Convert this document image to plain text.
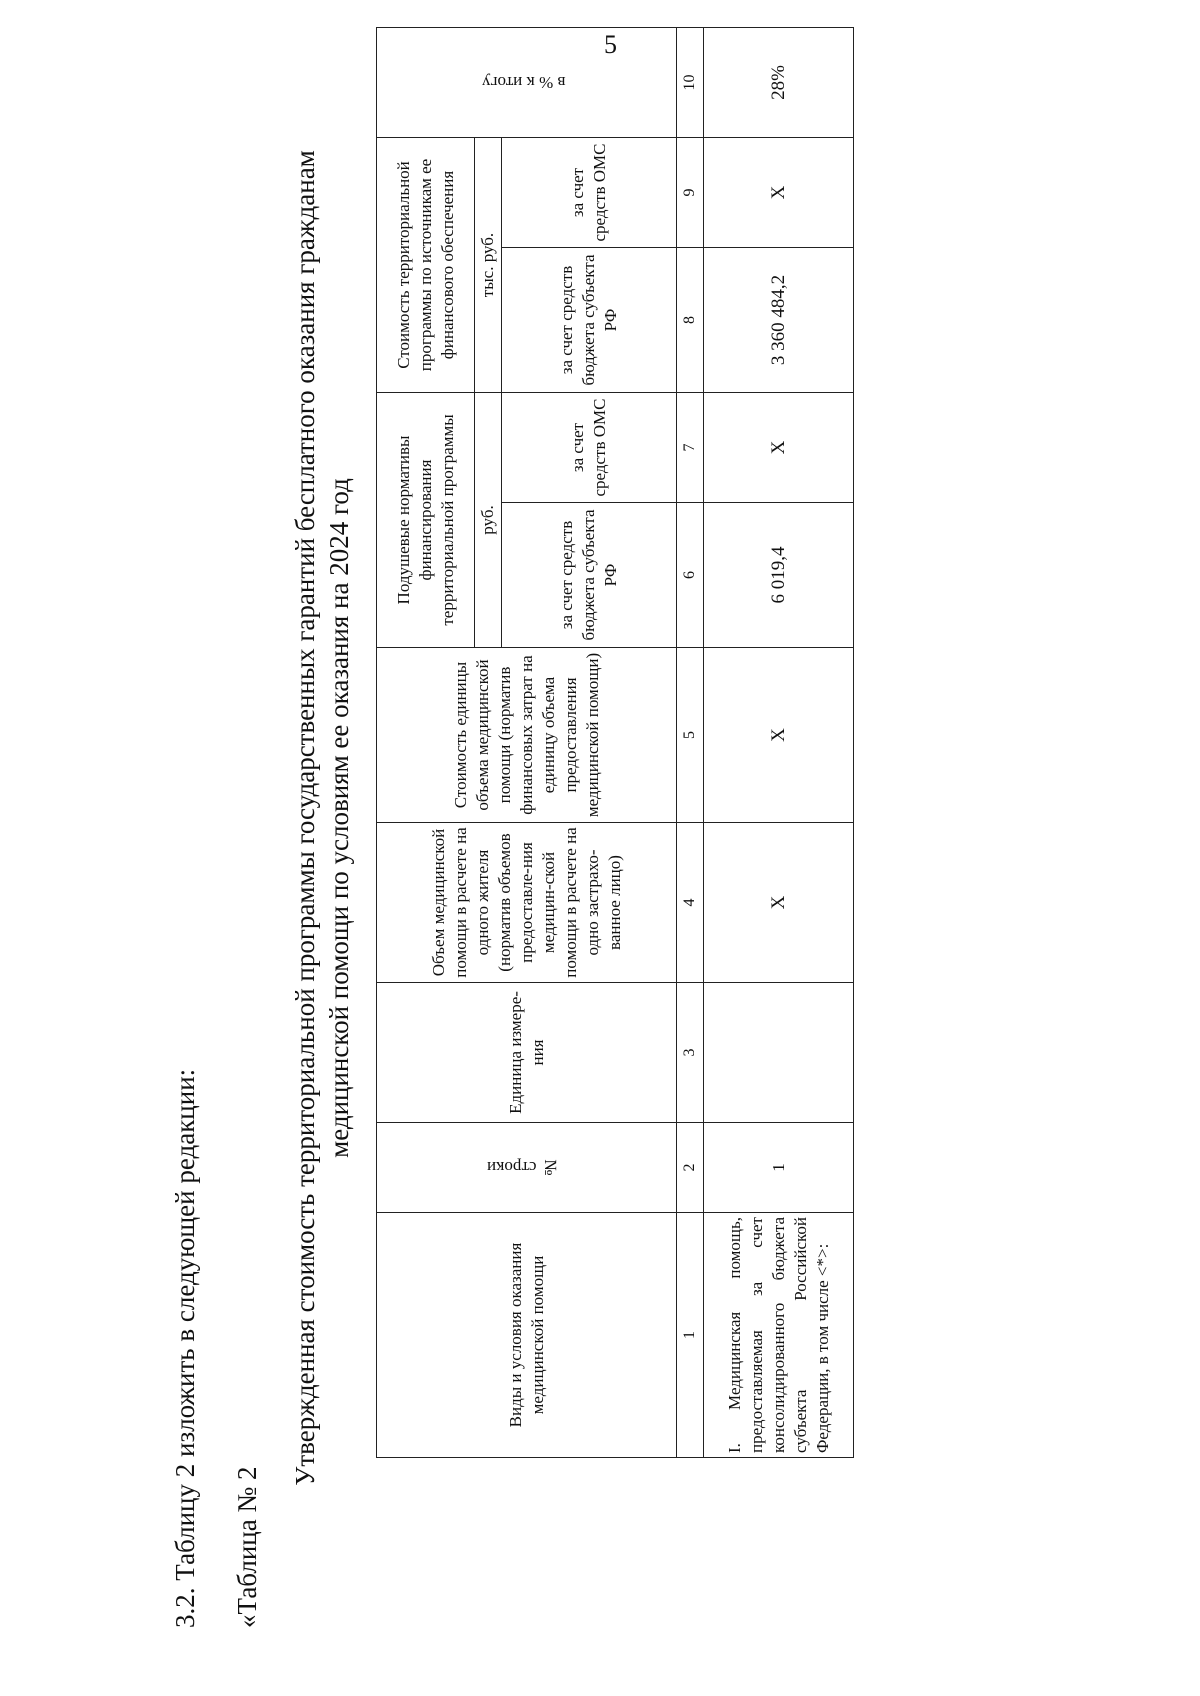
5
3.2. Таблицу 2 изложить в следующей редакции: «Таблица № 2
Утвержденная стоимость территориальной программы государственных гарантий бесплатного оказания гражданам медицинской помощи по условиям ее оказания на 2024 год
Виды и условия оказания медицинской помощи	№ строки	Единица измере-ния	Объем медицинской помощи в расчете на одного жителя (норматив объемов предоставле-ния медицин-ской помощи в расчете на одно застрахо-ванное лицо)	Стоимость единицы объема медицинской помощи (норматив финансовых затрат на единицу объема предоставления медицинской помощи)	Подушевые нормативы финансирования территориальной программы		Стоимость территориальной программы по источникам ее финансового обеспечения		в % к итогу
					руб.		тыс. руб.		
					за счет средств бюджета субъекта РФ	за счет средств ОМС	за счет средств бюджета субъекта РФ	за счет средств ОМС	
1	2	3	4	5	6	7	8	9	10
I. Медицинская помощь, предоставляемая за счет консолидированного бюджета субъекта Российской Федерации, в том числе <*>:	1		X	X	6 019,4	X	3 360 484,2	X	28%
